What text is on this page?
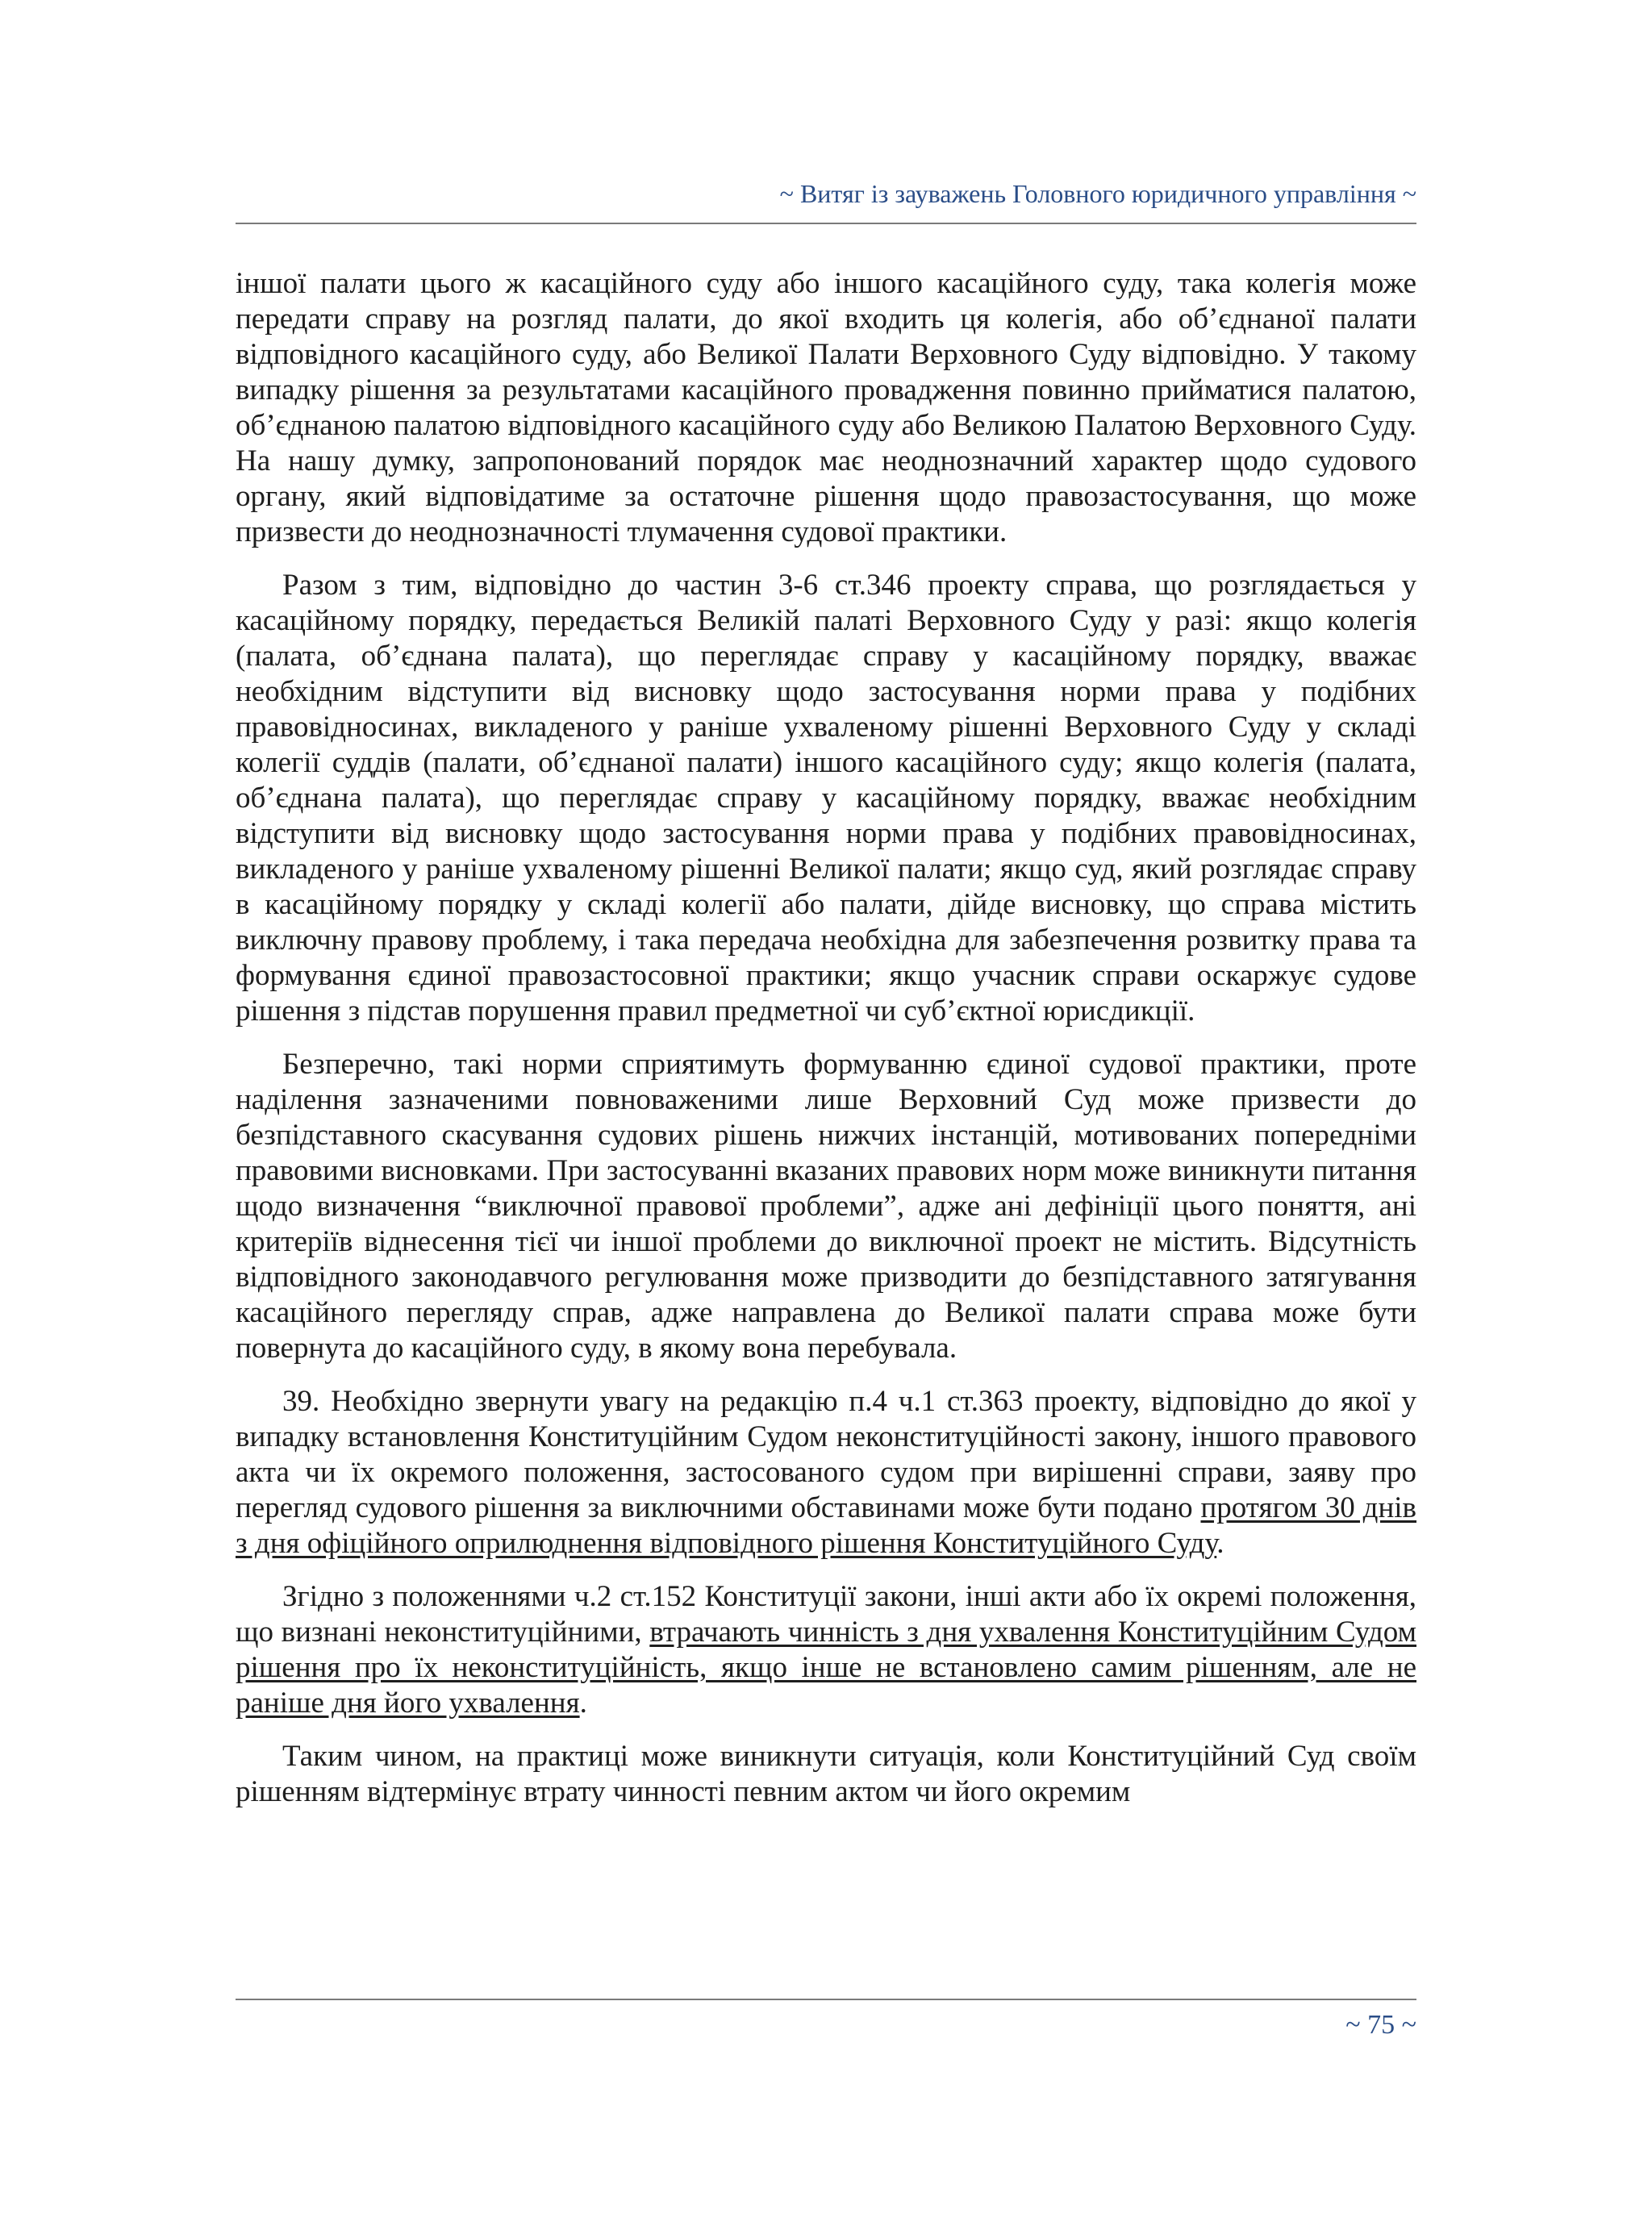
~ Витяг із зауважень Головного юридичного управління ~

іншої палати цього ж касаційного суду або іншого касаційного суду, така колегія може передати справу на розгляд палати, до якої входить ця колегія, або об’єднаної палати відповідного касаційного суду, або Великої Палати Верховного Суду відповідно. У такому випадку рішення за результатами касаційного провадження повинно прийматися палатою, об’єднаною палатою відповідного касаційного суду або Великою Палатою Верховного Суду. На нашу думку, запропонований порядок має неоднозначний характер щодо судового органу, який відповідатиме за остаточне рішення щодо правозастосування, що може призвести до неоднозначності тлумачення судової практики.

Разом з тим, відповідно до частин 3-6 ст.346 проекту справа, що розглядається у касаційному порядку, передається Великій палаті Верховного Суду у разі: якщо колегія (палата, об’єднана палата), що переглядає справу у касаційному порядку, вважає необхідним відступити від висновку щодо застосування норми права у подібних правовідносинах, викладеного у раніше ухваленому рішенні Верховного Суду у складі колегії суддів (палати, об’єднаної палати) іншого касаційного суду; якщо колегія (палата, об’єднана палата), що переглядає справу у касаційному порядку, вважає необхідним відступити від висновку щодо застосування норми права у подібних правовідносинах, викладеного у раніше ухваленому рішенні Великої палати; якщо суд, який розглядає справу в касаційному порядку у складі колегії або палати, дійде висновку, що справа містить виключну правову проблему, і така передача необхідна для забезпечення розвитку права та формування єдиної правозастосовної практики; якщо учасник справи оскаржує судове рішення з підстав порушення правил предметної чи суб’єктної юрисдикції.

Безперечно, такі норми сприятимуть формуванню єдиної судової практики, проте наділення зазначеними повноваженими лише Верховний Суд може призвести до безпідставного скасування судових рішень нижчих інстанцій, мотивованих попередніми правовими висновками. При застосуванні вказаних правових норм може виникнути питання щодо визначення “виключної правової проблеми”, адже ані дефініції цього поняття, ані критеріїв віднесення тієї чи іншої проблеми до виключної проект не містить. Відсутність відповідного законодавчого регулювання може призводити до безпідставного затягування касаційного перегляду справ, адже направлена до Великої палати справа може бути повернута до касаційного суду, в якому вона перебувала.

39. Необхідно звернути увагу на редакцію п.4 ч.1 ст.363 проекту, відповідно до якої у випадку встановлення Конституційним Судом неконституційності закону, іншого правового акта чи їх окремого положення, застосованого судом при вирішенні справи, заяву про перегляд судового рішення за виключними обставинами може бути подано протягом 30 днів з дня офіційного оприлюднення відповідного рішення Конституційного Суду.

Згідно з положеннями ч.2 ст.152 Конституції закони, інші акти або їх окремі положення, що визнані неконституційними, втрачають чинність з дня ухвалення Конституційним Судом рішення про їх неконституційність, якщо інше не встановлено самим рішенням, але не раніше дня його ухвалення.

Таким чином, на практиці може виникнути ситуація, коли Конституційний Суд своїм рішенням відтермінує втрату чинності певним актом чи його окремим

~ 75 ~
